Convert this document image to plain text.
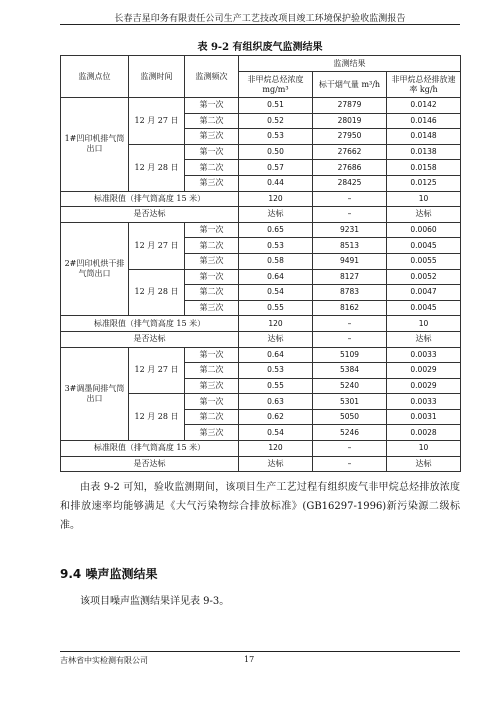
长春吉星印务有限责任公司生产工艺技改项目竣工环境保护验收监测报告
表 9-2 有组织废气监测结果
监测点位	监测时间	监测频次	监测结果		
			非甲烷总烃浓度 mg/m³	标干烟气量 m³/h	非甲烷总烃排放速率 kg/h
1#凹印机排气筒出口	12 月 27 日	第一次	0.51	27879	0.0142
		第二次	0.52	28019	0.0146
		第三次	0.53	27950	0.0148
	12 月 28 日	第一次	0.50	27662	0.0138
		第二次	0.57	27686	0.0158
		第三次	0.44	28425	0.0125
标准限值（排气筒高度 15 米）			120	–	10
是否达标			达标	–	达标
2#凹印机烘干排气筒出口	12 月 27 日	第一次	0.65	9231	0.0060
		第二次	0.53	8513	0.0045
		第三次	0.58	9491	0.0055
	12 月 28 日	第一次	0.64	8127	0.0052
		第二次	0.54	8783	0.0047
		第三次	0.55	8162	0.0045
标准限值（排气筒高度 15 米）			120	–	10
是否达标			达标	–	达标
3#调墨间排气筒出口	12 月 27 日	第一次	0.64	5109	0.0033
		第二次	0.53	5384	0.0029
		第三次	0.55	5240	0.0029
	12 月 28 日	第一次	0.63	5301	0.0033
		第二次	0.62	5050	0.0031
		第三次	0.54	5246	0.0028
标准限值（排气筒高度 15 米）			120	–	10
是否达标			达标	–	达标
由表 9-2 可知，验收监测期间，该项目生产工艺过程有组织废气非甲烷总烃排放浓度和排放速率均能够满足《大气污染物综合排放标准》(GB16297-1996)新污染源二级标准。
9.4 噪声监测结果
该项目噪声监测结果详见表 9-3。
吉林省中实检测有限公司	17
